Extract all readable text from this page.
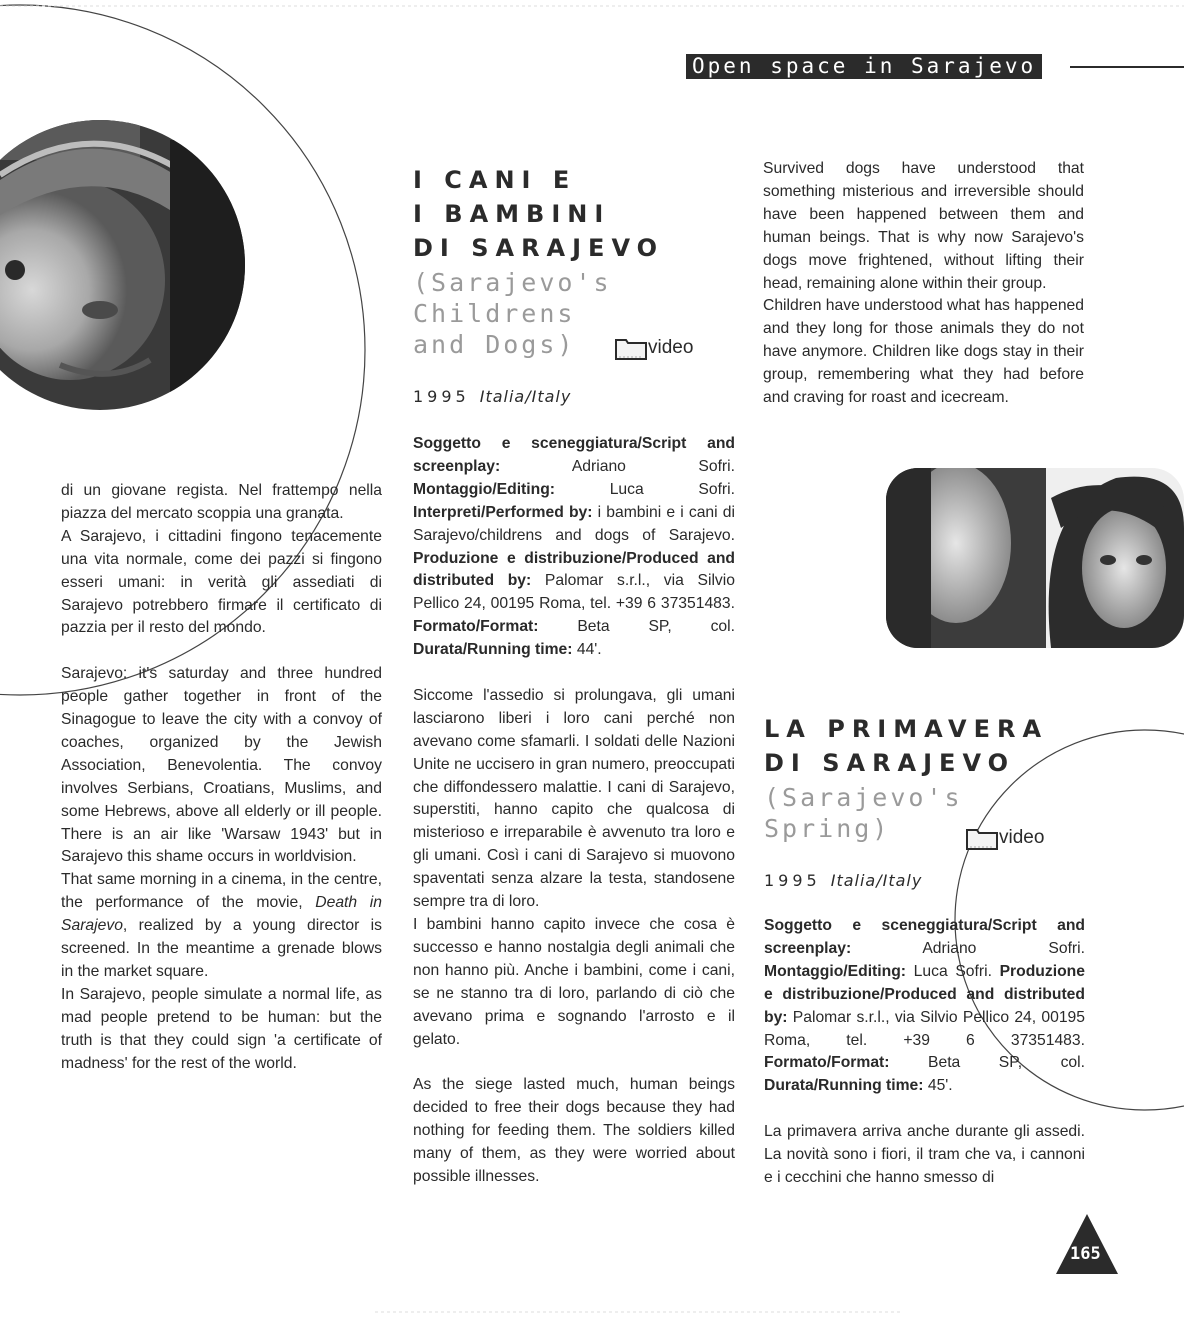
Open space in Sarajevo

di un giovane regista. Nel frattempo nella piazza del mercato scoppia una granata.

A Sarajevo, i cittadini fingono tenacemente una vita normale, come dei pazzi si fingono esseri umani: in verità gli assediati di Sarajevo potrebbero firmare il certificato di pazzia per il resto del mondo.

Sarajevo: it's saturday and three hundred people gather together in front of the Sinagogue to leave the city with a convoy of coaches, organized by the Jewish Association, Benevolentia. The convoy involves Serbians, Croatians, Muslims, and some Hebrews, above all elderly or ill people. There is an air like 'Warsaw 1943' but in Sarajevo this shame occurs in worldvision.

That same morning in a cinema, in the centre, the performance of the movie, Death in Sarajevo, realized by a young director is screened. In the meantime a grenade blows in the market square.

In Sarajevo, people simulate a normal life, as mad people pretend to be human: but the truth is that they could sign 'a certificate of madness' for the rest of the world.

I CANI E
I BAMBINI
DI SARAJEVO
(Sarajevo's
Childrens
and Dogs)	video
1995 Italia/Italy

Soggetto e sceneggiatura/Script and screenplay: Adriano Sofri. Montaggio/Editing: Luca Sofri. Interpreti/Performed by: i bambini e i cani di Sarajevo/childrens and dogs of Sarajevo. Produzione e distribuzione/Produced and distributed by: Palomar s.r.l., via Silvio Pellico 24, 00195 Roma, tel. +39 6 37351483. Formato/Format: Beta SP, col. Durata/Running time: 44'.

Siccome l'assedio si prolungava, gli umani lasciarono liberi i loro cani perché non avevano come sfamarli. I soldati delle Nazioni Unite ne uccisero in gran numero, preoccupati che diffondessero malattie. I cani di Sarajevo, superstiti, hanno capito che qualcosa di misterioso e irreparabile è avvenuto tra loro e gli umani. Così i cani di Sarajevo si muovono spaventati senza alzare la testa, standosene sempre tra di loro.

I bambini hanno capito invece che cosa è successo e hanno nostalgia degli animali che non hanno più. Anche i bambini, come i cani, se ne stanno tra di loro, parlando di ciò che avevano prima e sognando l'arrosto e il gelato.

As the siege lasted much, human beings decided to free their dogs because they had nothing for feeding them. The soldiers killed many of them, as they were worried about possible illnesses.

Survived dogs have understood that something misterious and irreversible should have been happened between them and human beings. That is why now Sarajevo's dogs move frightened, without lifting their head, remaining alone within their group.

Children have understood what has happened and they long for those animals they do not have anymore. Children like dogs stay in their group, remembering what they had before and craving for roast and icecream.

LA PRIMAVERA
DI SARAJEVO
(Sarajevo's
Spring)	video
1995 Italia/Italy

Soggetto e sceneggiatura/Script and screenplay: Adriano Sofri. Montaggio/Editing: Luca Sofri. Produzione e distribuzione/Produced and distributed by: Palomar s.r.l., via Silvio Pellico 24, 00195 Roma, tel. +39 6 37351483. Formato/Format: Beta SP, col. Durata/Running time: 45'.

La primavera arriva anche durante gli assedi. La novità sono i fiori, il tram che va, i cannoni e i cecchini che hanno smesso di

165
